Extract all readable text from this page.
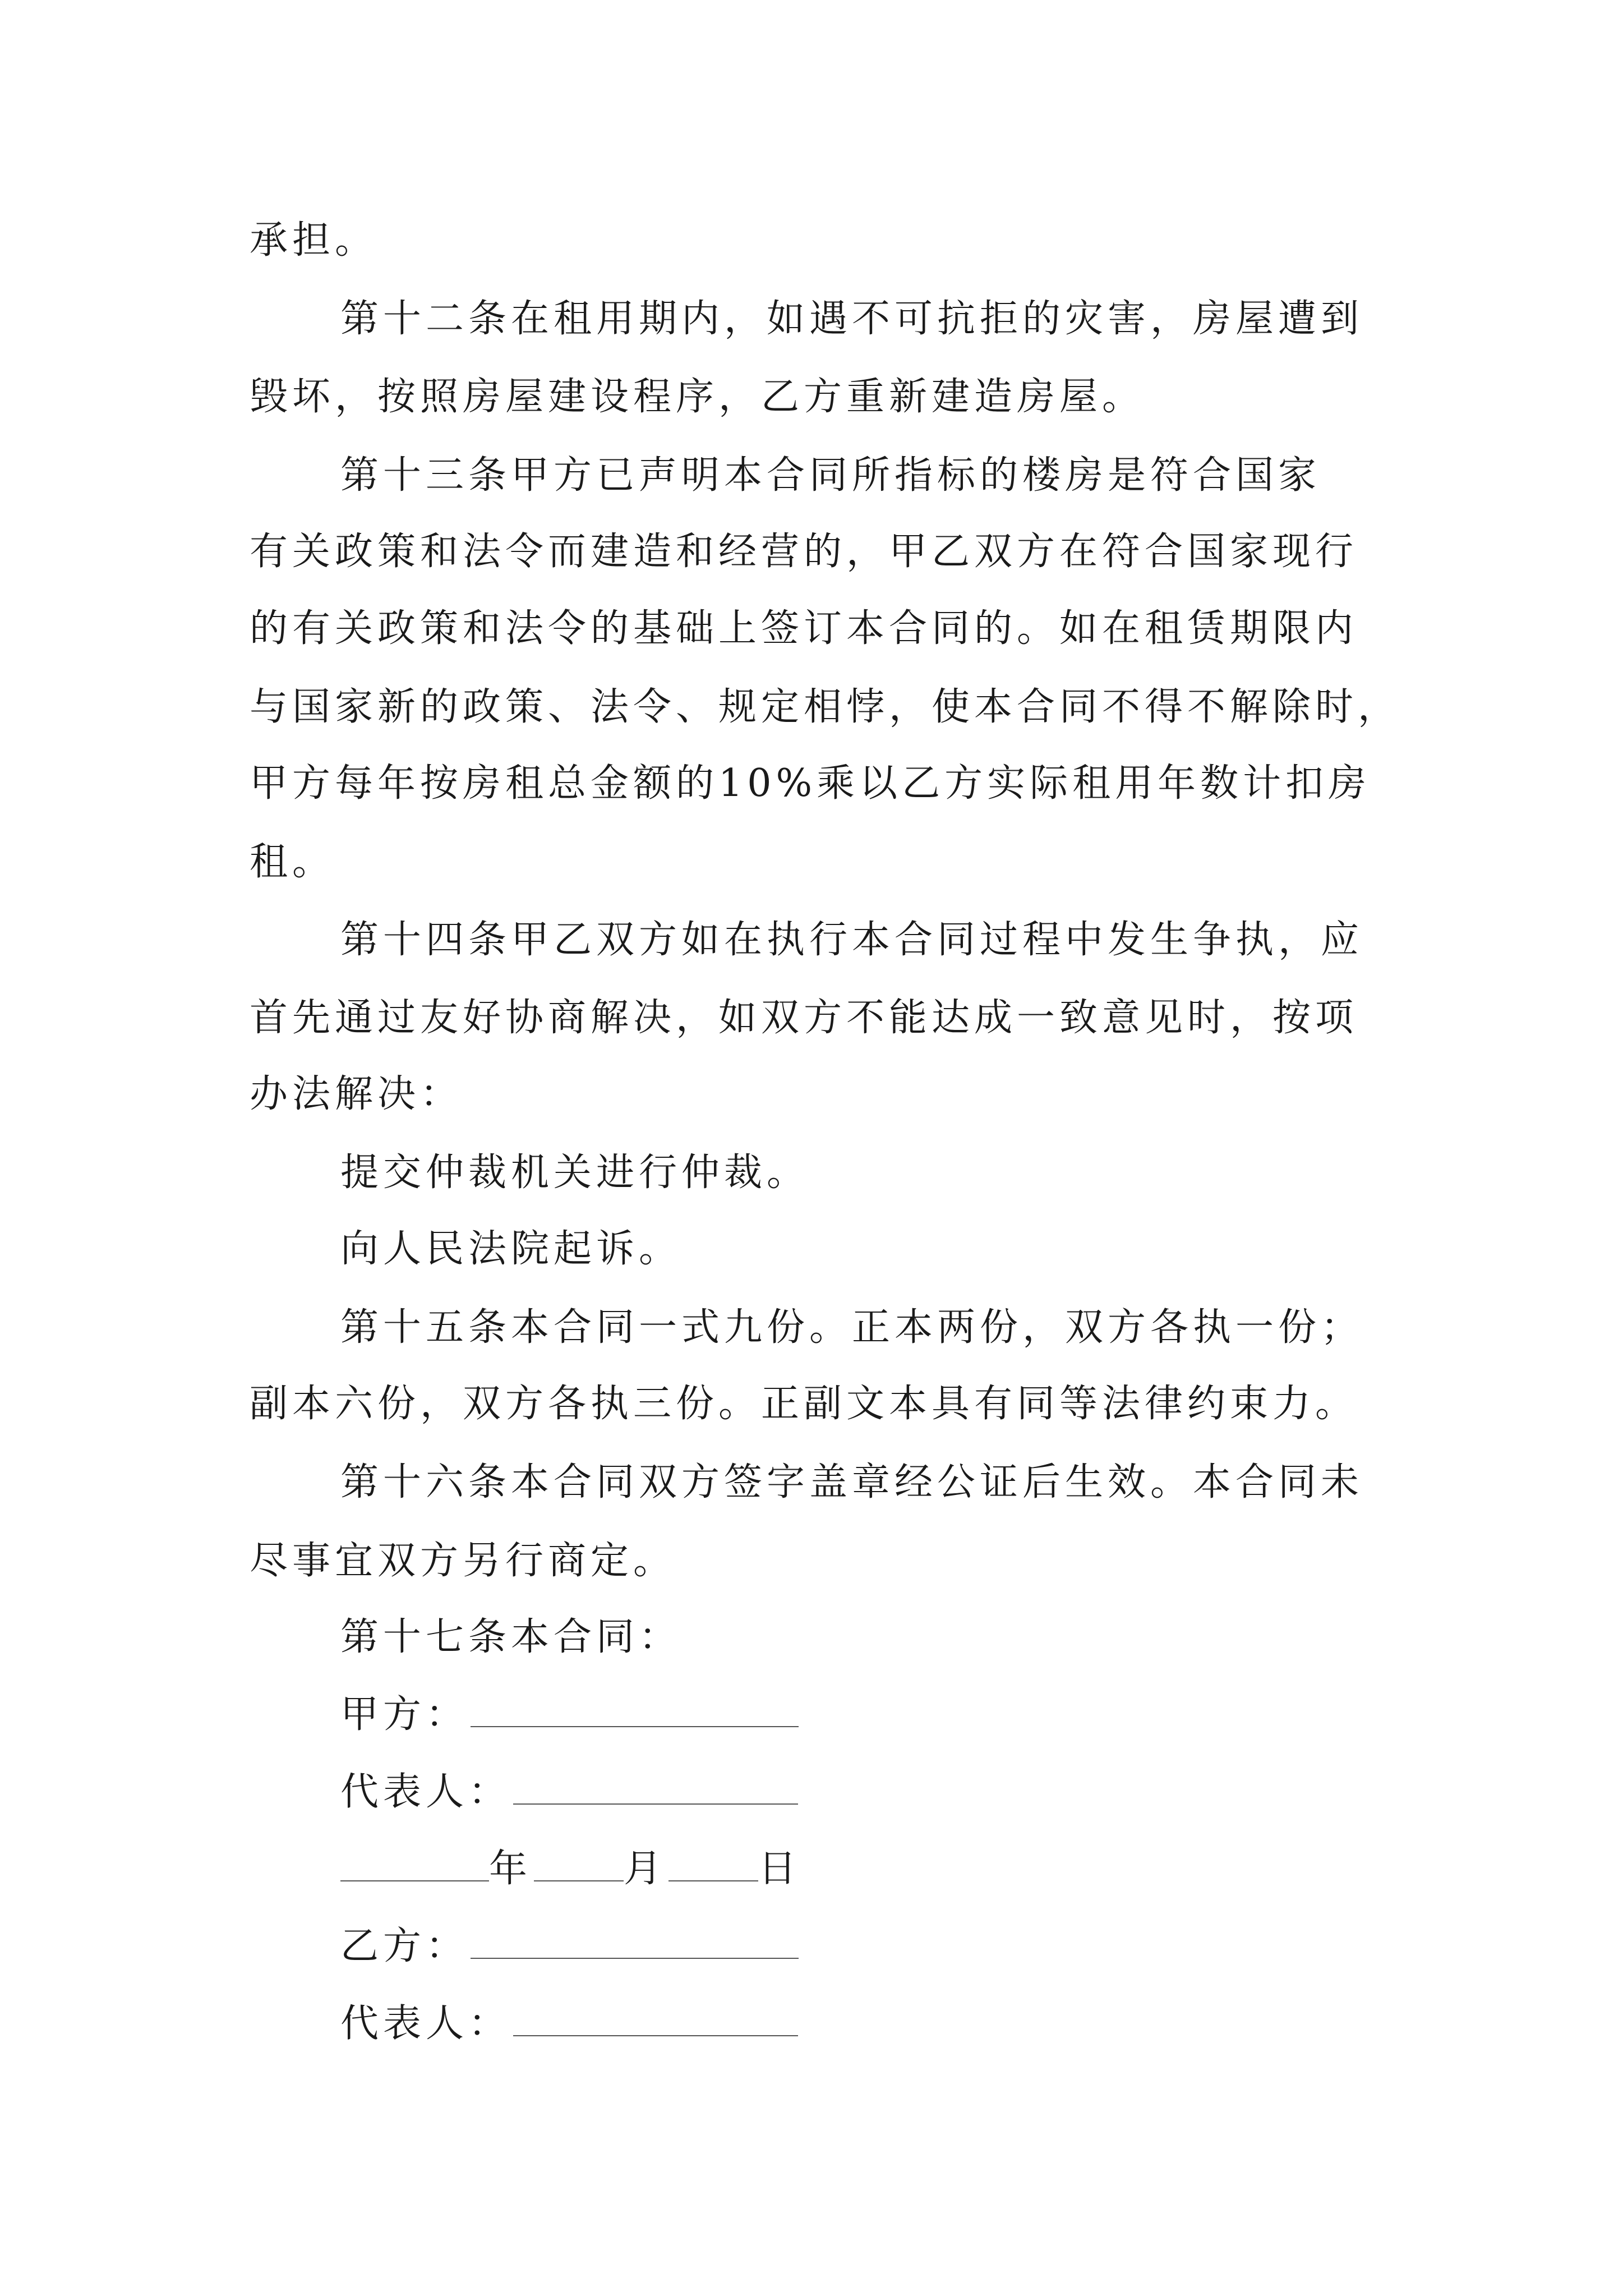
承担。
第十二条在租用期内，如遇不可抗拒的灾害，房屋遭到
毁坏，按照房屋建设程序，乙方重新建造房屋。
第十三条甲方已声明本合同所指标的楼房是符合国家
有关政策和法令而建造和经营的，甲乙双方在符合国家现行
的有关政策和法令的基础上签订本合同的。如在租赁期限内
与国家新的政策、法令、规定相悖，使本合同不得不解除时，
甲方每年按房租总金额的10%乘以乙方实际租用年数计扣房
租。
第十四条甲乙双方如在执行本合同过程中发生争执，应
首先通过友好协商解决，如双方不能达成一致意见时，按项
办法解决：
提交仲裁机关进行仲裁。
向人民法院起诉。
第十五条本合同一式九份。正本两份，双方各执一份；
副本六份，双方各执三份。正副文本具有同等法律约束力。
第十六条本合同双方签字盖章经公证后生效。本合同未
尽事宜双方另行商定。
第十七条本合同：
甲方：
代表人：
年 月 日
乙方：
代表人：
